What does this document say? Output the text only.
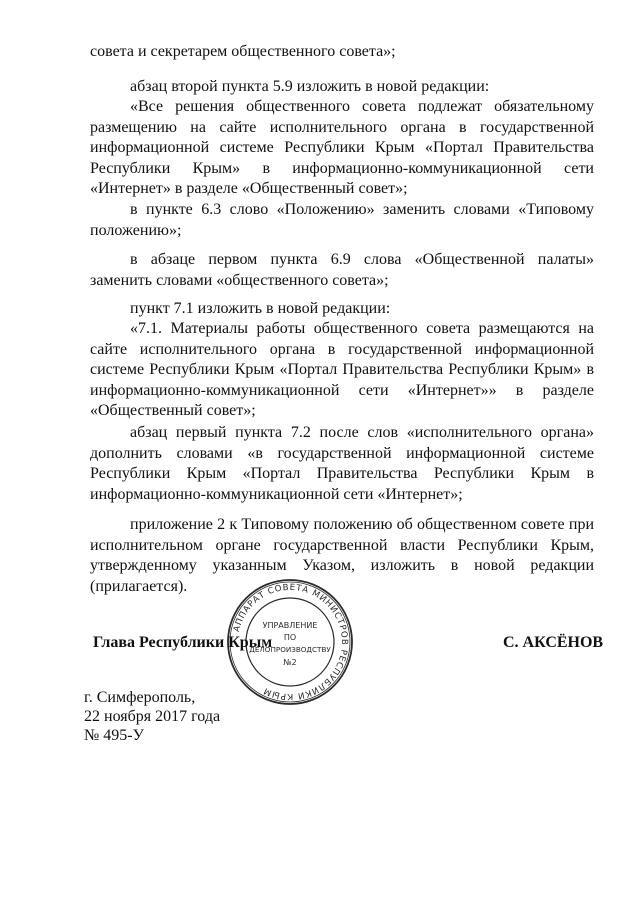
совета и секретарем общественного совета»;

абзац второй пункта 5.9 изложить в новой редакции:

«Все решения общественного совета подлежат обязательному размещению на сайте исполнительного органа в государственной информационной системе Республики Крым «Портал Правительства Республики Крым» в информационно-коммуникационной сети «Интернет» в разделе «Общественный совет»;

в пункте 6.3 слово «Положению» заменить словами «Типовому положению»;

в абзаце первом пункта 6.9 слова «Общественной палаты» заменить словами «общественного совета»;

пункт 7.1 изложить в новой редакции:

«7.1. Материалы работы общественного совета размещаются на сайте исполнительного органа в государственной информационной системе Республики Крым «Портал Правительства Республики Крым» в информационно-коммуникационной сети «Интернет»» в разделе «Общественный совет»;

абзац первый пункта 7.2 после слов «исполнительного органа» дополнить словами «в государственной информационной системе Республики Крым «Портал Правительства Республики Крым в информационно-коммуникационной сети «Интернет»;

приложение 2 к Типовому положению об общественном совете при исполнительном органе государственной власти Республики Крым, утвержденному указанным Указом, изложить в новой редакции (прилагается).

АППАРАТ СОВЕТА МИНИСТРОВ РЕСПУБЛИКИ КРЫМ
УПРАВЛЕНИЕ
ПО
ДЕЛОПРОИЗВОДСТВУ
№2

Глава Республики Крым	С. АКСЁНОВ

г. Симферополь,
22 ноября 2017 года
№ 495-У
